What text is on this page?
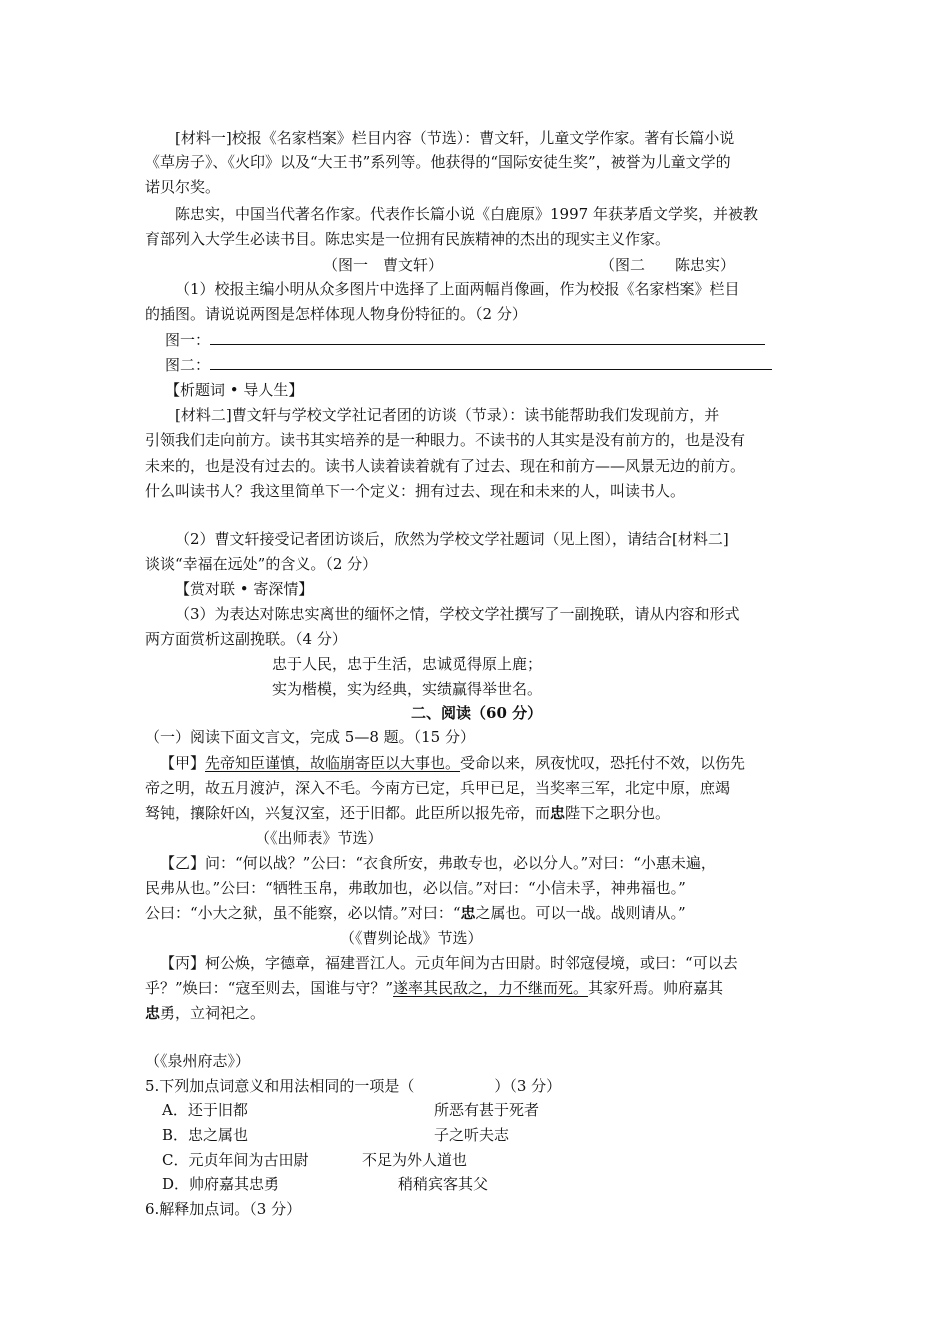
[材料一]校报《名家档案》栏目内容（节选）：曹文轩，儿童文学作家。著有长篇小说
《草房子》、《火印》以及“大王书”系列等。他获得的“国际安徒生奖”，被誉为儿童文学的
诺贝尔奖。
陈忠实，中国当代著名作家。代表作长篇小说《白鹿原》1997 年获茅盾文学奖，并被教
育部列入大学生必读书目。陈忠实是一位拥有民族精神的杰出的现实主义作家。
（图一　曹文轩）	（图二　　陈忠实）
（1）校报主编小明从众多图片中选择了上面两幅肖像画，作为校报《名家档案》栏目
的插图。请说说两图是怎样体现人物身份特征的。（2 分）
图一：
图二：
【析题词 • 导人生】
[材料二]曹文轩与学校文学社记者团的访谈（节录）：读书能帮助我们发现前方，并
引领我们走向前方。读书其实培养的是一种眼力。不读书的人其实是没有前方的，也是没有
未来的，也是没有过去的。读书人读着读着就有了过去、现在和前方——风景无边的前方。
什么叫读书人？我这里简单下一个定义：拥有过去、现在和未来的人，叫读书人。
（2）曹文轩接受记者团访谈后，欣然为学校文学社题词（见上图），请结合[材料二]
谈谈“幸福在远处”的含义。（2 分）
【赏对联 • 寄深情】
（3）为表达对陈忠实离世的缅怀之情，学校文学社撰写了一副挽联，请从内容和形式
两方面赏析这副挽联。（4 分）
忠于人民，忠于生活，忠诚觅得原上鹿；
实为楷模，实为经典，实绩赢得举世名。
二、阅读（60 分）
（一）阅读下面文言文，完成 5—8 题。（15 分）
【甲】先帝知臣谨慎，故临崩寄臣以大事也。受命以来，夙夜忧叹，恐托付不效，以伤先
帝之明，故五月渡泸，深入不毛。今南方已定，兵甲已足，当奖率三军，北定中原，庶竭
驽钝，攘除奸凶，兴复汉室，还于旧都。此臣所以报先帝，而忠陛下之职分也。
（《出师表》节选）
【乙】问：“何以战？”公曰：“衣食所安，弗敢专也，必以分人。”对曰：“小惠未遍，
民弗从也。”公曰：“牺牲玉帛，弗敢加也，必以信。”对曰：“小信未孚，神弗福也。”
公曰：“小大之狱，虽不能察，必以情。”对曰：“忠之属也。可以一战。战则请从。”
（《曹刿论战》节选）
【丙】柯公焕，字德章，福建晋江人。元贞年间为古田尉。时邻寇侵境，或曰：“可以去
乎？”焕曰：“寇至则去，国谁与守？”遂率其民敌之，力不继而死。其家歼焉。帅府嘉其
忠勇，立祠祀之。
（《泉州府志》）
5.下列加点词意义和用法相同的一项是（	）（3 分）
A．还于旧都	所恶有甚于死者
B．忠之属也	子之听夫志
C．元贞年间为古田尉	不足为外人道也
D．帅府嘉其忠勇	稍稍宾客其父
6.解释加点词。（3 分）
